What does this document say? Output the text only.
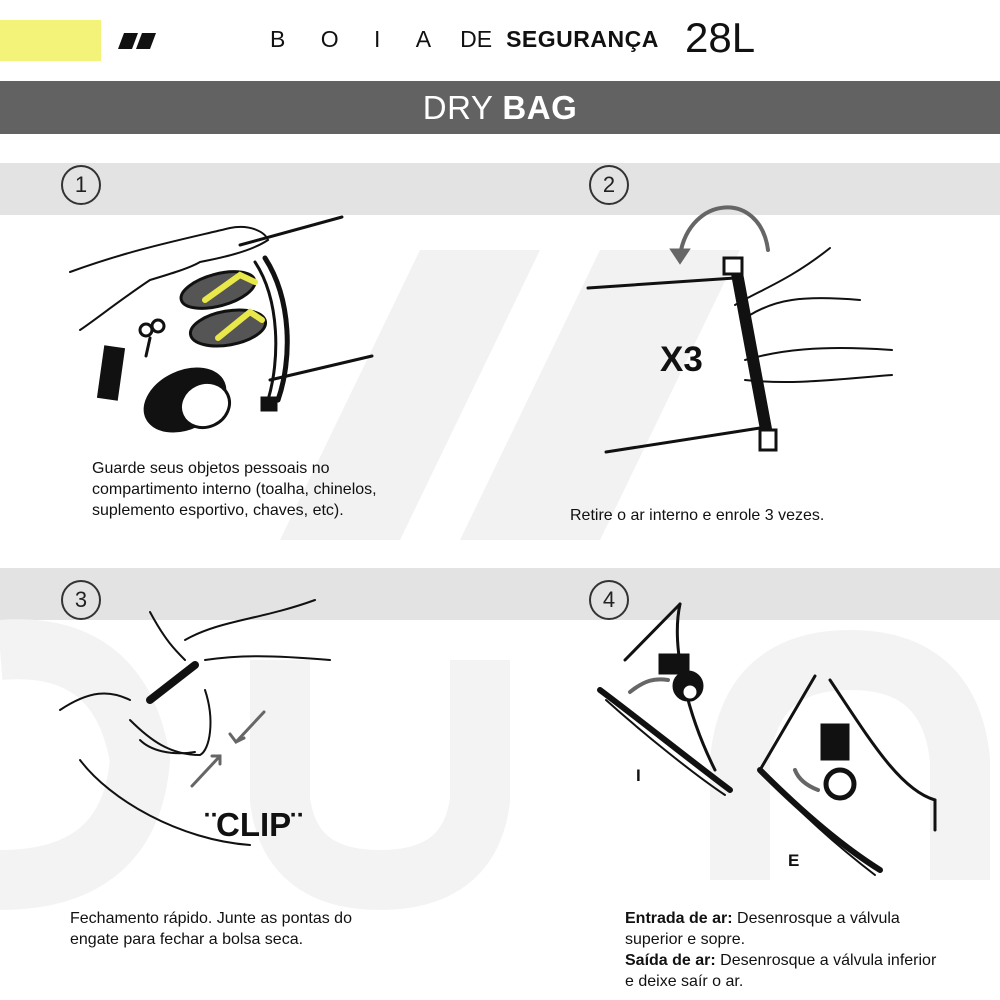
B O I A	DE SEGURANÇA 28L
DRY BAG
1	2
3	4
X3
¨CLIP¨
I
E
Guarde seus objetos pessoais no compartimento interno (toalha, chinelos, suplemento esportivo, chaves, etc).	Retire o ar interno e enrole 3 vezes.
Fechamento rápido. Junte as pontas do engate para fechar a bolsa seca.
Entrada de ar: Desenrosque a válvula superior e sopre.
Saída de ar: Desenrosque a válvula inferior e deixe saír o ar.
